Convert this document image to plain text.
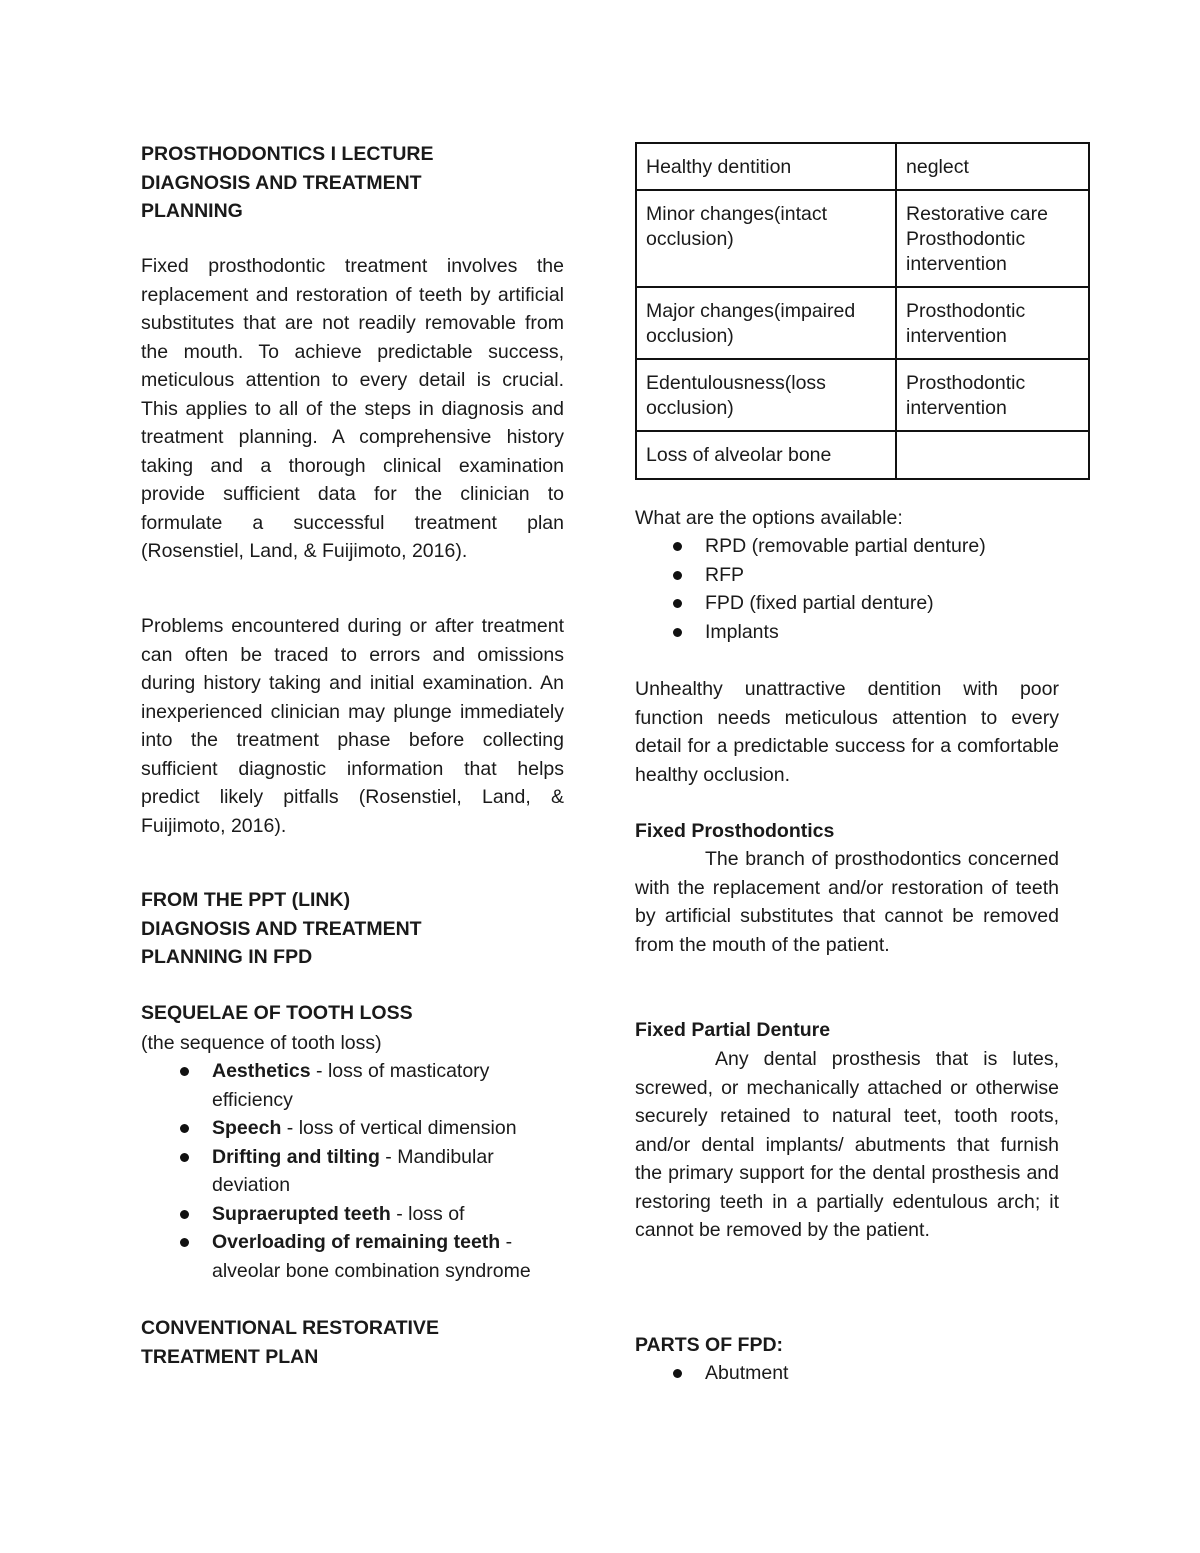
PROSTHODONTICS I LECTURE
DIAGNOSIS AND TREATMENT
PLANNING

Fixed prosthodontic treatment involves the replacement and restoration of teeth by artificial substitutes that are not readily removable from the mouth. To achieve predictable success, meticulous attention to every detail is crucial. This applies to all of the steps in diagnosis and treatment planning. A comprehensive history taking and a thorough clinical examination provide sufficient data for the clinician to formulate a successful treatment plan (Rosenstiel, Land, & Fuijimoto, 2016).

Problems encountered during or after treatment can often be traced to errors and omissions during history taking and initial examination. An inexperienced clinician may plunge immediately into the treatment phase before collecting sufficient diagnostic information that helps predict likely pitfalls (Rosenstiel, Land, & Fuijimoto, 2016).

FROM THE PPT (LINK)
DIAGNOSIS AND TREATMENT
PLANNING IN FPD
SEQUELAE OF TOOTH LOSS
(the sequence of tooth loss)
Aesthetics - loss of masticatory efficiency
Speech - loss of vertical dimension
Drifting and tilting - Mandibular deviation
Supraerupted teeth - loss of
Overloading of remaining teeth - alveolar bone combination syndrome
CONVENTIONAL RESTORATIVE
TREATMENT PLAN
Healthy dentition	neglect
Minor changes(intact occlusion)	Restorative care Prosthodontic intervention
Major changes(impaired occlusion)	Prosthodontic intervention
Edentulousness(loss occlusion)	Prosthodontic intervention
Loss of alveolar bone	
What are the options available:
RPD (removable partial denture)
RFP
FPD (fixed partial denture)
Implants

Unhealthy unattractive dentition with poor function needs meticulous attention to every detail for a predictable success for a comfortable healthy occlusion.

Fixed Prosthodontics

The branch of prosthodontics concerned with the replacement and/or restoration of teeth by artificial substitutes that cannot be removed from the mouth of the patient.

Fixed Partial Denture

Any dental prosthesis that is lutes, screwed, or mechanically attached or otherwise securely retained to natural teet, tooth roots, and/or dental implants/ abutments that furnish the primary support for the dental prosthesis and restoring teeth in a partially edentulous arch; it cannot be removed by the patient.

PARTS OF FPD:
Abutment
